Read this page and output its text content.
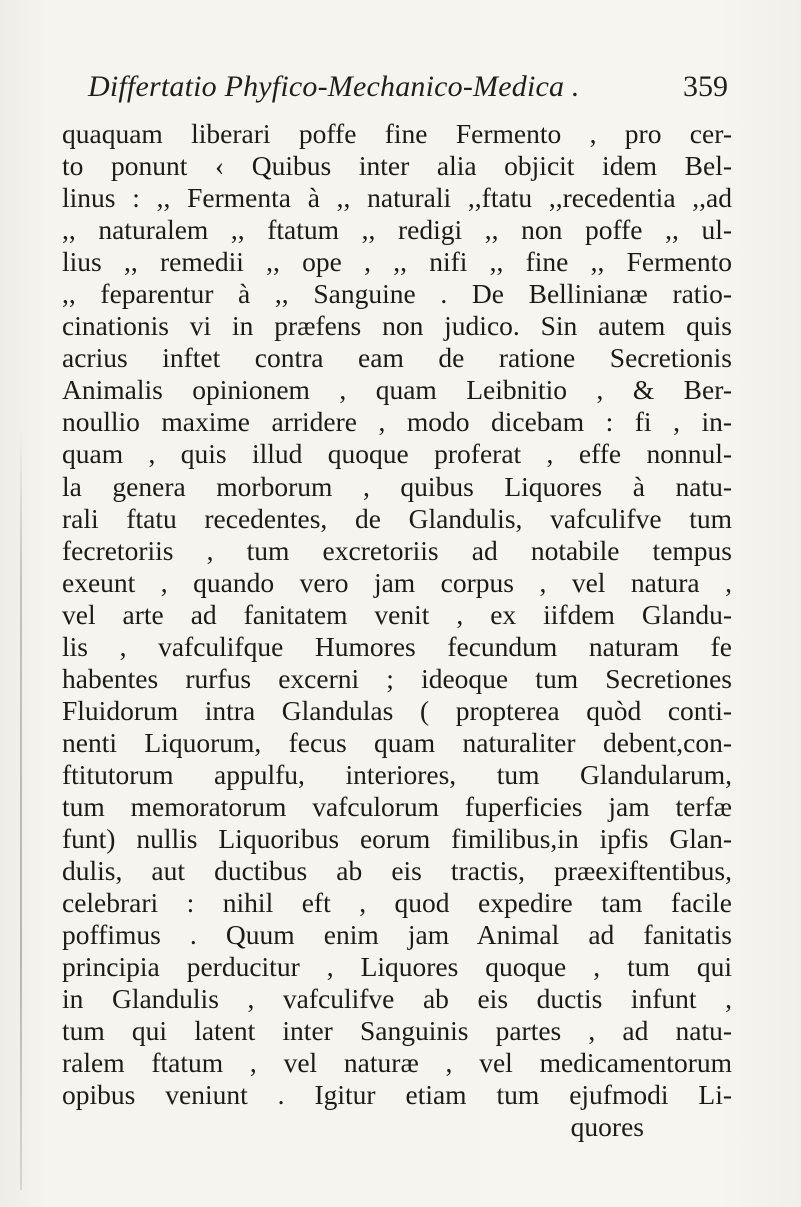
Differtatio Phyfico-Mechanico-Medica .	359
quaquam liberari poffe fine Fermento , pro cer-
to ponunt ‹ Quibus inter alia objicit idem Bel-
linus : ,, Fermenta à ,, naturali ,,ftatu ,,recedentia ,,ad
,, naturalem ,, ftatum ,, redigi ,, non poffe ,, ul-
lius ,, remedii ,, ope , ,, nifi ,, fine ,, Fermento
,, feparentur à ,, Sanguine . De Bellinianæ ratio-
cinationis vi in præfens non judico. Sin autem quis
acrius inftet contra eam de ratione Secretionis
Animalis opinionem , quam Leibnitio , & Ber-
noullio maxime arridere , modo dicebam : fi , in-
quam , quis illud quoque proferat , effe nonnul-
la genera morborum , quibus Liquores à natu-
rali ftatu recedentes, de Glandulis, vafculifve tum
fecretoriis , tum excretoriis ad notabile tempus
exeunt , quando vero jam corpus , vel natura ,
vel arte ad fanitatem venit , ex iifdem Glandu-
lis , vafculifque Humores fecundum naturam fe
habentes rurfus excerni ; ideoque tum Secretiones
Fluidorum intra Glandulas ( propterea quòd conti-
nenti Liquorum, fecus quam naturaliter debent,con-
ftitutorum appulfu, interiores, tum Glandularum,
tum memoratorum vafculorum fuperficies jam terfæ
funt) nullis Liquoribus eorum fimilibus,in ipfis Glan-
dulis, aut ductibus ab eis tractis, præexiftentibus,
celebrari : nihil eft , quod expedire tam facile
poffimus . Quum enim jam Animal ad fanitatis
principia perducitur , Liquores quoque , tum qui
in Glandulis , vafculifve ab eis ductis infunt ,
tum qui latent inter Sanguinis partes , ad natu-
ralem ftatum , vel naturæ , vel medicamentorum
opibus veniunt . Igitur etiam tum ejufmodi Li-
quores
